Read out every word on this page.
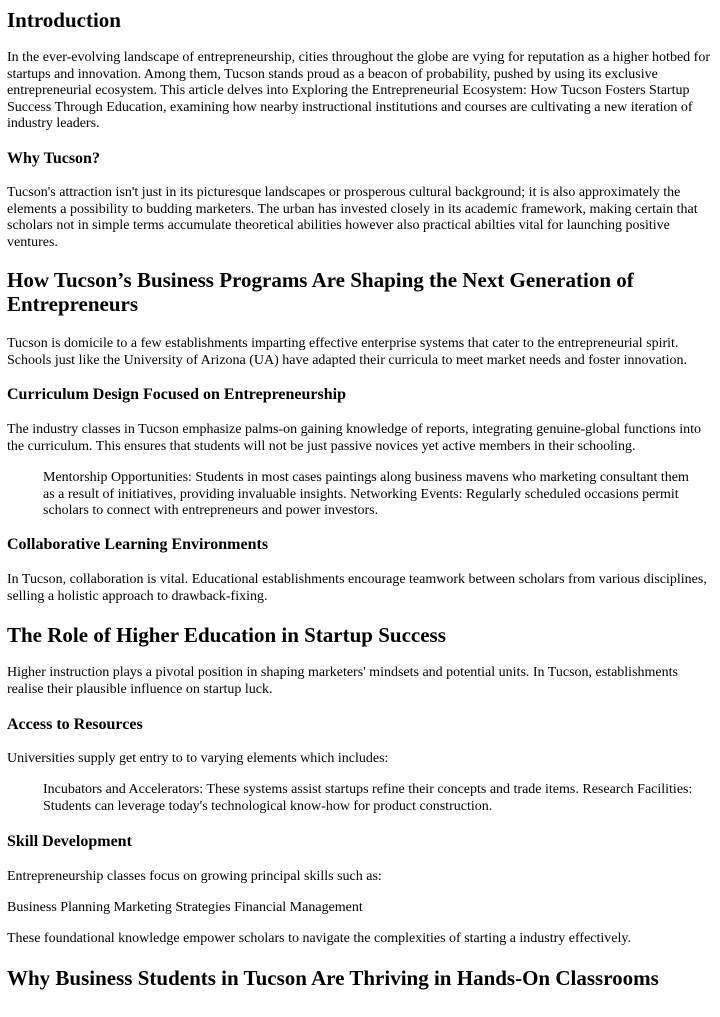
Introduction

In the ever-evolving landscape of entrepreneurship, cities throughout the globe are vying for reputation as a higher hotbed for startups and innovation. Among them, Tucson stands proud as a beacon of probability, pushed by using its exclusive entrepreneurial ecosystem. This article delves into Exploring the Entrepreneurial Ecosystem: How Tucson Fosters Startup Success Through Education, examining how nearby instructional institutions and courses are cultivating a new iteration of industry leaders.

Why Tucson?

Tucson's attraction isn't just in its picturesque landscapes or prosperous cultural background; it is also approximately the elements a possibility to budding marketers. The urban has invested closely in its academic framework, making certain that scholars not in simple terms accumulate theoretical abilities however also practical abilties vital for launching positive ventures.

How Tucson’s Business Programs Are Shaping the Next Generation of Entrepreneurs

Tucson is domicile to a few establishments imparting effective enterprise systems that cater to the entrepreneurial spirit. Schools just like the University of Arizona (UA) have adapted their curricula to meet market needs and foster innovation.

Curriculum Design Focused on Entrepreneurship

The industry classes in Tucson emphasize palms-on gaining knowledge of reports, integrating genuine-global functions into the curriculum. This ensures that students will not be just passive novices yet active members in their schooling.

Mentorship Opportunities: Students in most cases paintings along business mavens who marketing consultant them as a result of initiatives, providing invaluable insights. Networking Events: Regularly scheduled occasions permit scholars to connect with entrepreneurs and power investors.
Collaborative Learning Environments

In Tucson, collaboration is vital. Educational establishments encourage teamwork between scholars from various disciplines, selling a holistic approach to drawback-fixing.

The Role of Higher Education in Startup Success

Higher instruction plays a pivotal position in shaping marketers' mindsets and potential units. In Tucson, establishments realise their plausible influence on startup luck.

Access to Resources

Universities supply get entry to to varying elements which includes:

Incubators and Accelerators: These systems assist startups refine their concepts and trade items. Research Facilities: Students can leverage today's technological know-how for product construction.
Skill Development

Entrepreneurship classes focus on growing principal skills such as:

Business Planning Marketing Strategies Financial Management

These foundational knowledge empower scholars to navigate the complexities of starting a industry effectively.

Why Business Students in Tucson Are Thriving in Hands-On Classrooms
